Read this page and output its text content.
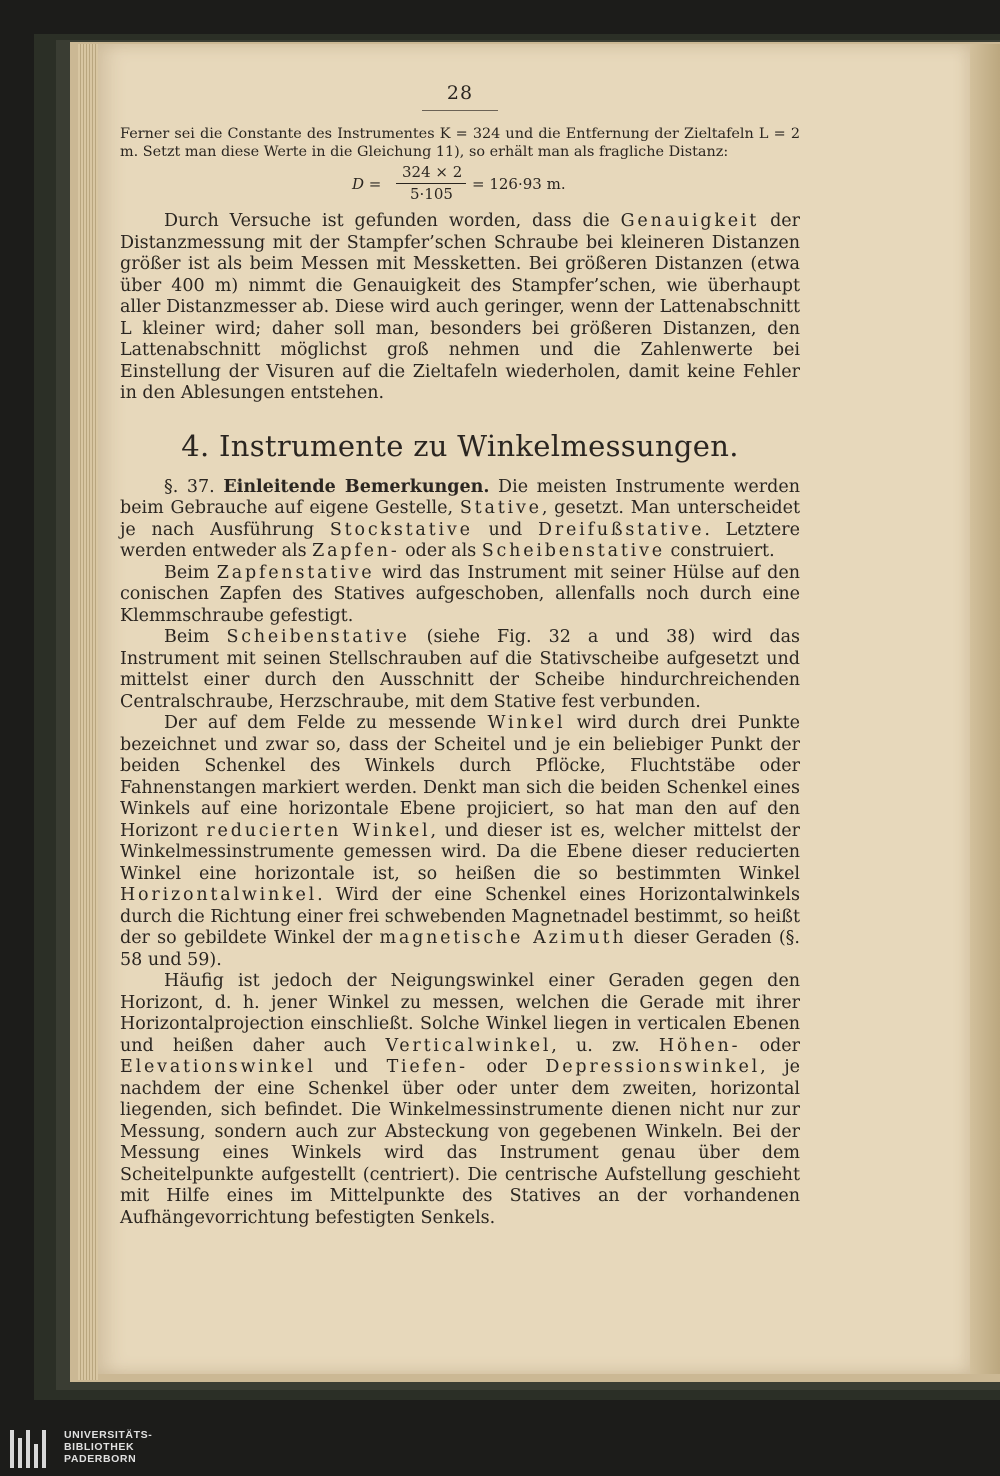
28

Ferner sei die Constante des Instrumentes K = 324 und die Entfernung der Zieltafeln L = 2 m. Setzt man diese Werte in die Gleichung 11), so erhält man als fragliche Distanz:

D =
324 × 2
5·105
= 126·93 m.

Durch Versuche ist gefunden worden, dass die Genauigkeit der Distanzmessung mit der Stampfer’schen Schraube bei kleineren Distanzen größer ist als beim Messen mit Messketten. Bei größeren Distanzen (etwa über 400 m) nimmt die Genauigkeit des Stampfer’schen, wie überhaupt aller Distanzmesser ab. Diese wird auch geringer, wenn der Lattenabschnitt L kleiner wird; daher soll man, besonders bei größeren Distanzen, den Lattenabschnitt möglichst groß nehmen und die Zahlenwerte bei Einstellung der Visuren auf die Zieltafeln wiederholen, damit keine Fehler in den Ablesungen entstehen.

4. Instrumente zu Winkelmessungen.

§. 37. Einleitende Bemerkungen. Die meisten Instrumente werden beim Gebrauche auf eigene Gestelle, Stative, gesetzt. Man unterscheidet je nach Ausführung Stockstative und Dreifußstative. Letztere werden entweder als Zapfen- oder als Scheibenstative construiert.

Beim Zapfenstative wird das Instrument mit seiner Hülse auf den conischen Zapfen des Statives aufgeschoben, allenfalls noch durch eine Klemmschraube gefestigt.

Beim Scheibenstative (siehe Fig. 32 a und 38) wird das Instrument mit seinen Stellschrauben auf die Stativscheibe aufgesetzt und mittelst einer durch den Ausschnitt der Scheibe hindurchreichenden Centralschraube, Herzschraube, mit dem Stative fest verbunden.

Der auf dem Felde zu messende Winkel wird durch drei Punkte bezeichnet und zwar so, dass der Scheitel und je ein beliebiger Punkt der beiden Schenkel des Winkels durch Pflöcke, Fluchtstäbe oder Fahnenstangen markiert werden. Denkt man sich die beiden Schenkel eines Winkels auf eine horizontale Ebene projiciert, so hat man den auf den Horizont reducierten Winkel, und dieser ist es, welcher mittelst der Winkelmessinstrumente gemessen wird. Da die Ebene dieser reducierten Winkel eine horizontale ist, so heißen die so bestimmten Winkel Horizontalwinkel. Wird der eine Schenkel eines Horizontalwinkels durch die Richtung einer frei schwebenden Magnetnadel bestimmt, so heißt der so gebildete Winkel der magnetische Azimuth dieser Geraden (§. 58 und 59).

Häufig ist jedoch der Neigungswinkel einer Geraden gegen den Horizont, d. h. jener Winkel zu messen, welchen die Gerade mit ihrer Horizontalprojection einschließt. Solche Winkel liegen in verticalen Ebenen und heißen daher auch Verticalwinkel, u. zw. Höhen- oder Elevationswinkel und Tiefen- oder Depressionswinkel, je nachdem der eine Schenkel über oder unter dem zweiten, horizontal liegenden, sich befindet. Die Winkelmessinstrumente dienen nicht nur zur Messung, sondern auch zur Absteckung von gegebenen Winkeln. Bei der Messung eines Winkels wird das Instrument genau über dem Scheitelpunkte aufgestellt (centriert). Die centrische Aufstellung geschieht mit Hilfe eines im Mittelpunkte des Statives an der vorhandenen Aufhängevorrichtung befestigten Senkels.

UNIVERSITÄTS-
BIBLIOTHEK
PADERBORN
